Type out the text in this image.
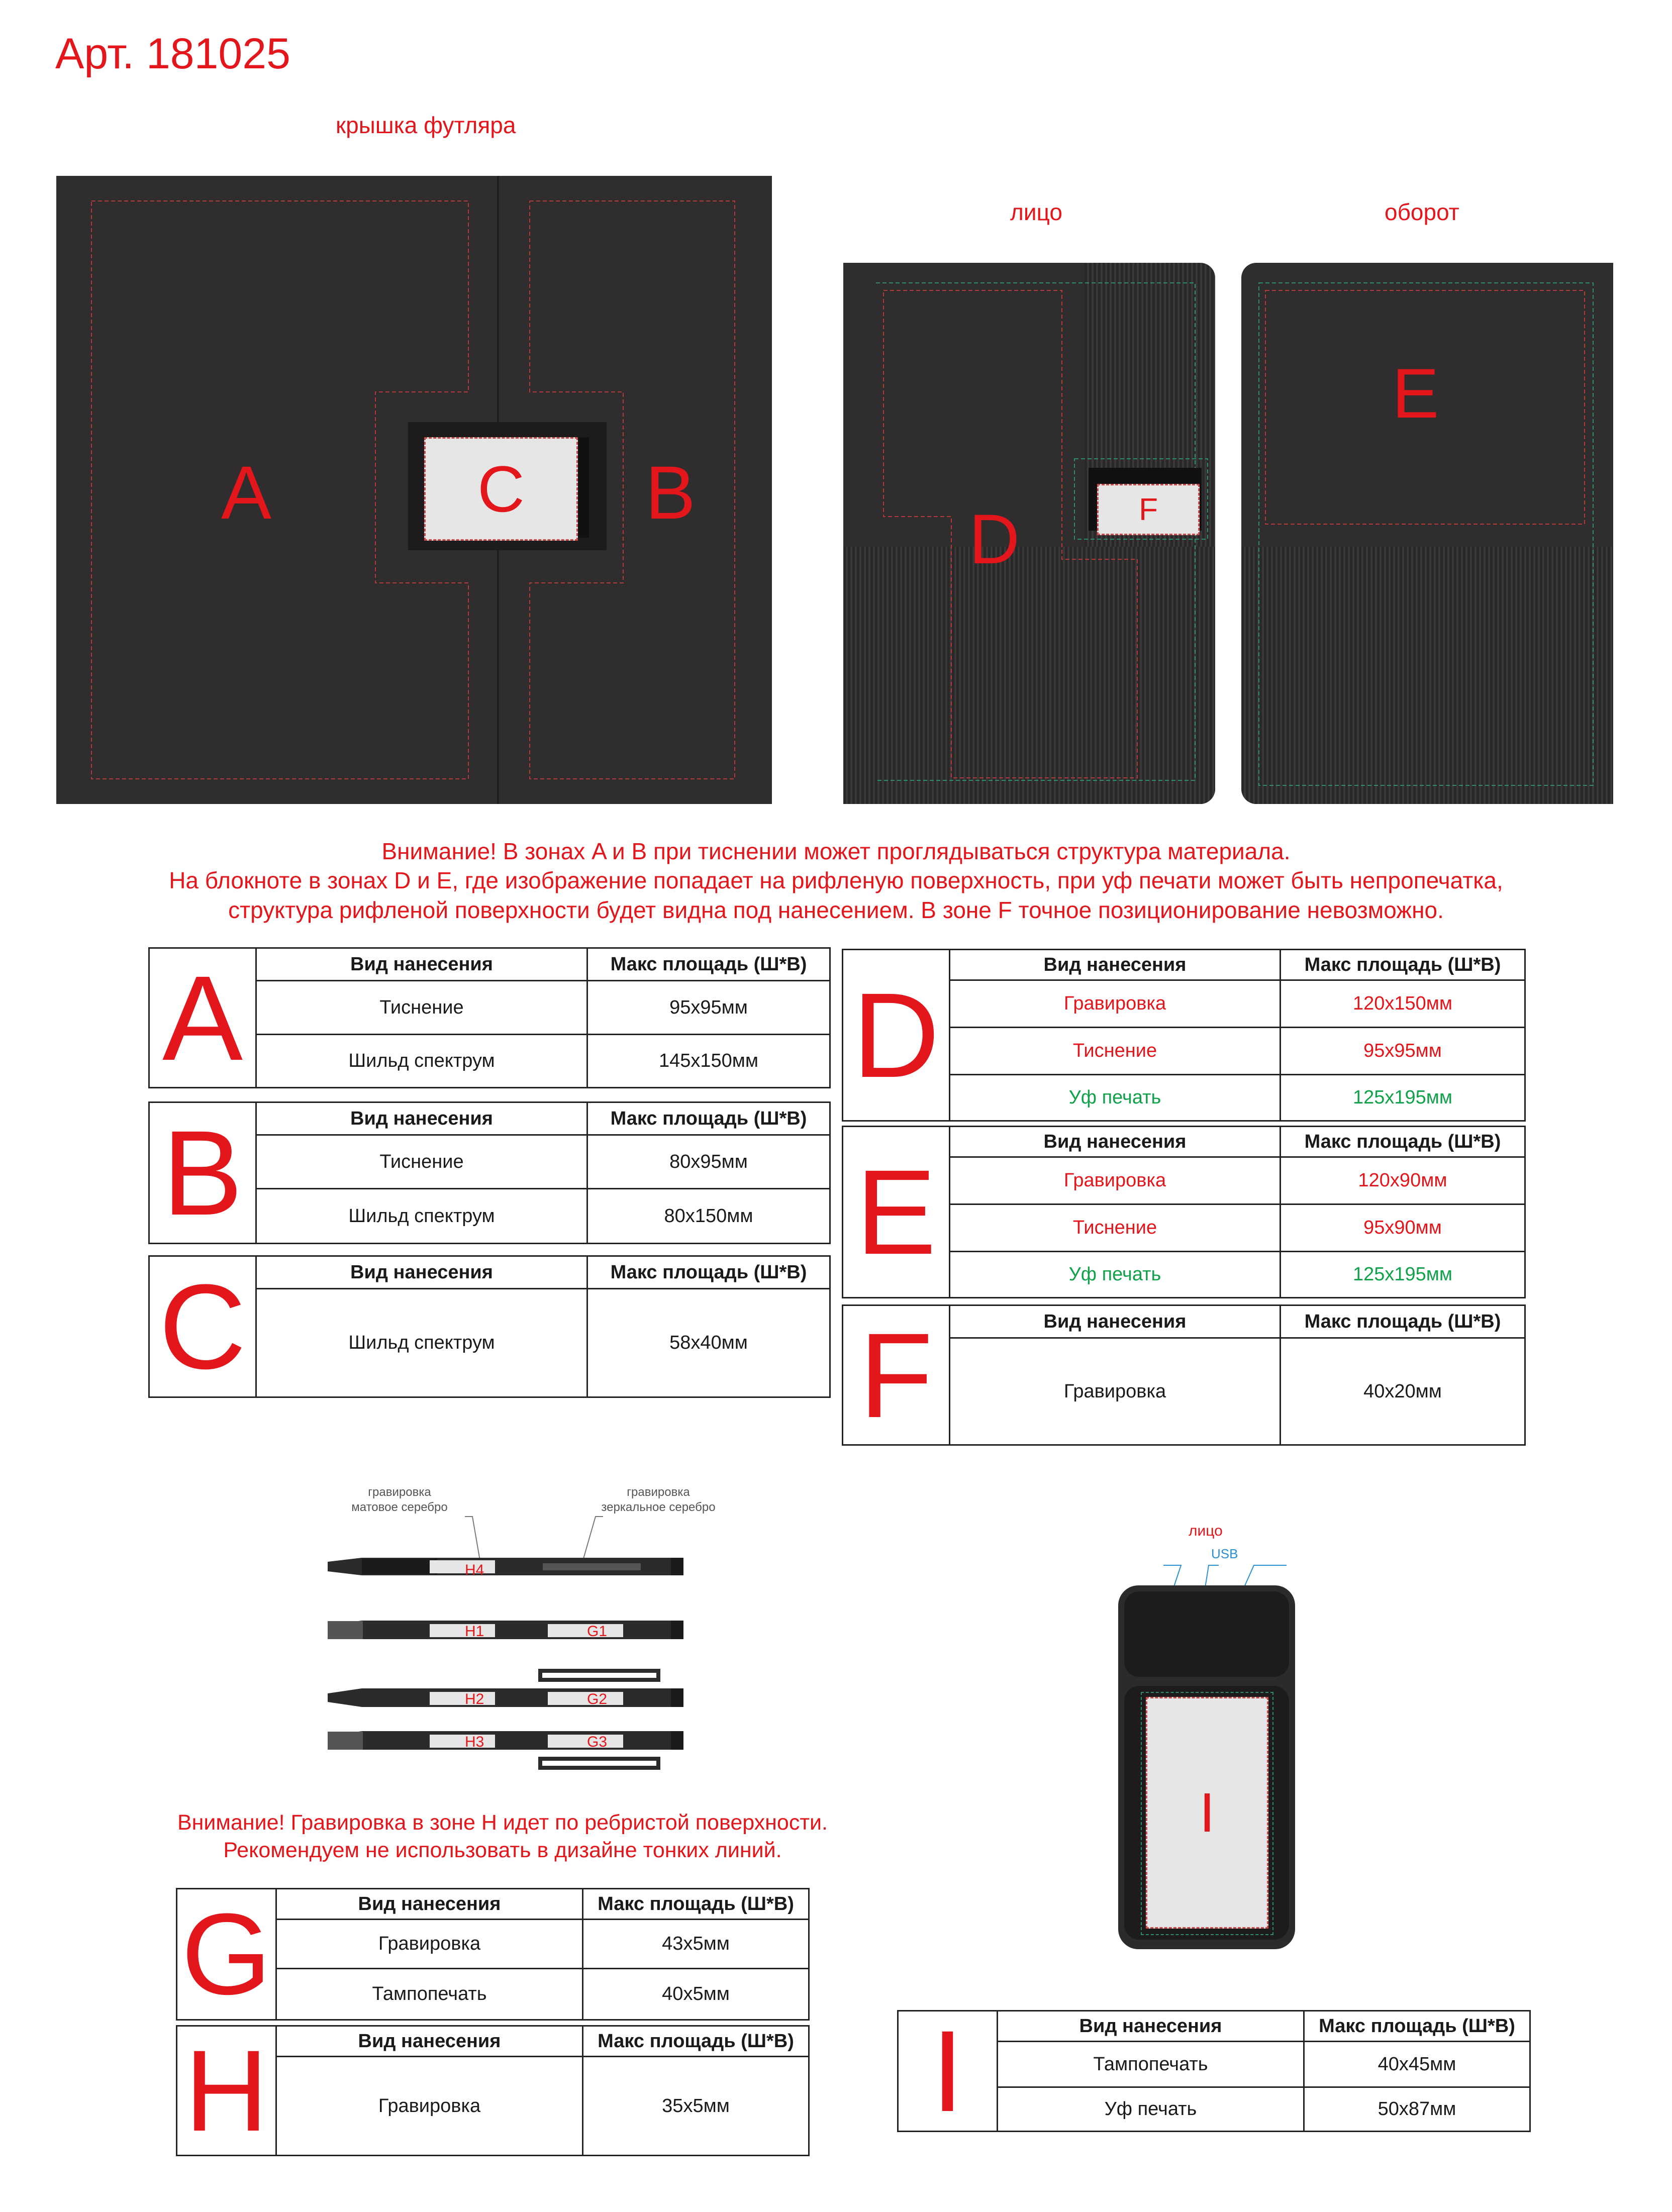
Арт. 181025
крышка футляра
C
A	B
лицо	оборот
F
D
E
Внимание! В зонах A и B при тиснении может проглядываться структура материала.
На блокноте в зонах D и E, где изображение попадает на рифленую поверхность, при уф печати может быть непропечатка,
структура рифленой поверхности будет видна под нанесением. В зоне F точное позиционирование невозможно.
A	Вид нанесения	Макс площадь (Ш*В)
Тиснение	95x95мм
Шильд спектрум	145x150мм
B	Вид нанесения	Макс площадь (Ш*В)
Тиснение	80x95мм
Шильд спектрум	80x150мм
C	Вид нанесения	Макс площадь (Ш*В)
Шильд спектрум	58x40мм
D
Вид нанесения	Макс площадь (Ш*В)
Гравировка	120x150мм
Тиснение	95x95мм
Уф печать	125x195мм
E
Вид нанесения	Макс площадь (Ш*В)
Гравировка	120x90мм
Тиснение	95x90мм
Уф печать	125x195мм
F	Вид нанесения	Макс площадь (Ш*В)
Гравировка	40x20мм
гравировка
матовое серебро
гравировка
зеркальное серебро
H4
H1	G1
H2	G2
H3	G3
Внимание! Гравировка в зоне H идет по ребристой поверхности.
Рекомендуем не использовать в дизайне тонких линий.
G	Вид нанесения	Макс площадь (Ш*В)
Гравировка	43x5мм
Тампопечать	40x5мм
H	Вид нанесения	Макс площадь (Ш*В)
Гравировка	35x5мм
лицо
USB
I
I	Вид нанесения	Макс площадь (Ш*В)
Тампопечать	40x45мм
Уф печать	50x87мм
